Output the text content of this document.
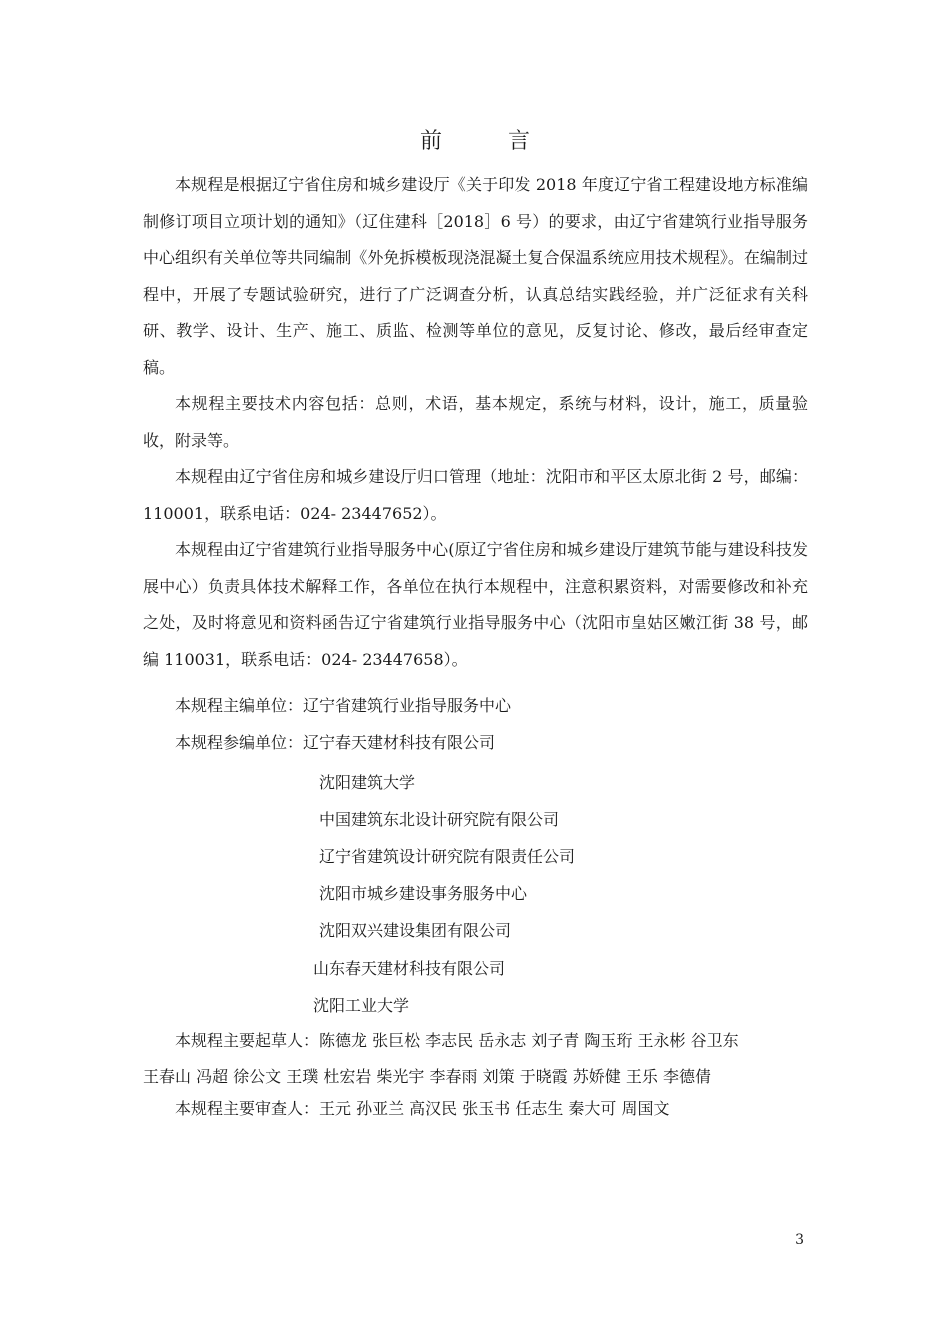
前　言

本规程是根据辽宁省住房和城乡建设厅《关于印发 2018 年度辽宁省工程建设地方标准编制修订项目立项计划的通知》（辽住建科［2018］6 号）的要求，由辽宁省建筑行业指导服务中心组织有关单位等共同编制《外免拆模板现浇混凝土复合保温系统应用技术规程》。在编制过程中，开展了专题试验研究，进行了广泛调查分析，认真总结实践经验，并广泛征求有关科研、教学、设计、生产、施工、质监、检测等单位的意见，反复讨论、修改，最后经审查定稿。

本规程主要技术内容包括：总则，术语，基本规定，系统与材料，设计，施工，质量验收，附录等。

本规程由辽宁省住房和城乡建设厅归口管理（地址：沈阳市和平区太原北街 2 号，邮编：110001，联系电话：024- 23447652）。

本规程由辽宁省建筑行业指导服务中心(原辽宁省住房和城乡建设厅建筑节能与建设科技发展中心）负责具体技术解释工作，各单位在执行本规程中，注意积累资料，对需要修改和补充之处，及时将意见和资料函告辽宁省建筑行业指导服务中心（沈阳市皇姑区嫩江街 38 号，邮编 110031，联系电话：024- 23447658）。

本规程主编单位：辽宁省建筑行业指导服务中心

本规程参编单位：辽宁春天建材科技有限公司

沈阳建筑大学
中国建筑东北设计研究院有限公司
辽宁省建筑设计研究院有限责任公司
沈阳市城乡建设事务服务中心
沈阳双兴建设集团有限公司
山东春天建材科技有限公司
沈阳工业大学

本规程主要起草人：陈德龙 张巨松 李志民 岳永志 刘子青 陶玉珩 王永彬 谷卫东

王春山 冯超 徐公文 王璞 杜宏岩 柴光宇 李春雨 刘策 于晓霞 苏娇健 王乐 李德倩

本规程主要审查人：王元 孙亚兰 高汉民 张玉书 任志生 秦大可 周国文

3
